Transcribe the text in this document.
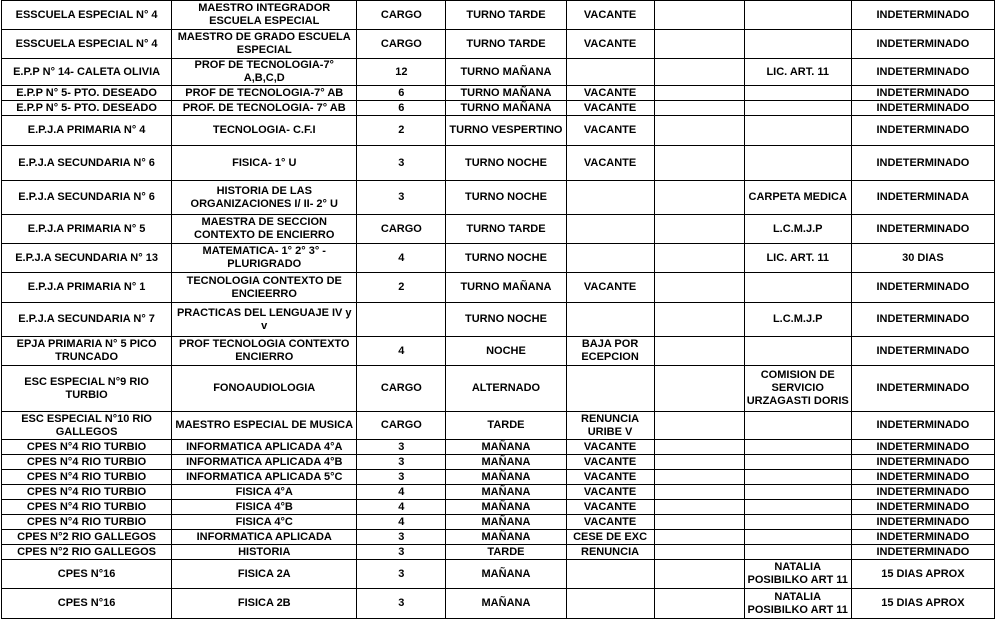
ESSCUELA ESPECIAL N° 4	MAESTRO INTEGRADOR ESCUELA ESPECIAL	CARGO	TURNO TARDE	VACANTE			INDETERMINADO
ESSCUELA ESPECIAL N° 4	MAESTRO DE GRADO ESCUELA ESPECIAL	CARGO	TURNO TARDE	VACANTE			INDETERMINADO
E.P.P N° 14- CALETA OLIVIA	PROF DE TECNOLOGIA-7° A,B,C,D	12	TURNO MAÑANA			LIC. ART. 11	INDETERMINADO
E.P.P N° 5- PTO. DESEADO	PROF DE TECNOLOGIA-7° AB	6	TURNO MAÑANA	VACANTE			INDETERMINADO
E.P.P N° 5- PTO. DESEADO	PROF. DE TECNOLOGIA- 7° AB	6	TURNO MAÑANA	VACANTE			INDETERMINADO
E.P.J.A PRIMARIA N° 4	TECNOLOGIA- C.F.I	2	TURNO VESPERTINO	VACANTE			INDETERMINADO
E.P.J.A SECUNDARIA N° 6	FISICA- 1° U	3	TURNO NOCHE	VACANTE			INDETERMINADO
E.P.J.A SECUNDARIA N° 6	HISTORIA DE LAS ORGANIZACIONES I/ II- 2° U	3	TURNO NOCHE			CARPETA MEDICA	INDETERMINADA
E.P.J.A PRIMARIA N° 5	MAESTRA DE SECCION CONTEXTO DE ENCIERRO	CARGO	TURNO TARDE			L.C.M.J.P	INDETERMINADO
E.P.J.A SECUNDARIA N° 13	MATEMATICA- 1° 2° 3° - PLURIGRADO	4	TURNO NOCHE			LIC. ART. 11	30 DIAS
E.P.J.A PRIMARIA N° 1	TECNOLOGIA CONTEXTO DE ENCIEERRO	2	TURNO MAÑANA	VACANTE			INDETERMINADO
E.P.J.A SECUNDARIA N° 7	PRACTICAS DEL LENGUAJE IV y v		TURNO NOCHE			L.C.M.J.P	INDETERMINADO
EPJA PRIMARIA N° 5 PICO TRUNCADO	PROF TECNOLOGIA CONTEXTO ENCIERRO	4	NOCHE	BAJA POR ECEPCION			INDETERMINADO
ESC ESPECIAL N°9 RIO TURBIO	FONOAUDIOLOGIA	CARGO	ALTERNADO			COMISION DE SERVICIO URZAGASTI DORIS	INDETERMINADO
ESC ESPECIAL N°10 RIO GALLEGOS	MAESTRO ESPECIAL DE MUSICA	CARGO	TARDE	RENUNCIA URIBE V			INDETERMINADO
CPES N°4 RIO TURBIO	INFORMATICA APLICADA 4°A	3	MAÑANA	VACANTE			INDETERMINADO
CPES N°4 RIO TURBIO	INFORMATICA APLICADA 4°B	3	MAÑANA	VACANTE			INDETERMINADO
CPES N°4 RIO TURBIO	INFORMATICA APLICADA 5°C	3	MAÑANA	VACANTE			INDETERMINADO
CPES N°4 RIO TURBIO	FISICA 4°A	4	MAÑANA	VACANTE			INDETERMINADO
CPES N°4 RIO TURBIO	FISICA 4°B	4	MAÑANA	VACANTE			INDETERMINADO
CPES N°4 RIO TURBIO	FISICA 4°C	4	MAÑANA	VACANTE			INDETERMINADO
CPES N°2 RIO GALLEGOS	INFORMATICA APLICADA	3	MAÑANA	CESE DE EXC			INDETERMINADO
CPES N°2 RIO GALLEGOS	HISTORIA	3	TARDE	RENUNCIA			INDETERMINADO
CPES N°16	FISICA 2A	3	MAÑANA			NATALIA POSIBILKO ART 11	15 DIAS APROX
CPES N°16	FISICA 2B	3	MAÑANA			NATALIA POSIBILKO ART 11	15 DIAS APROX
